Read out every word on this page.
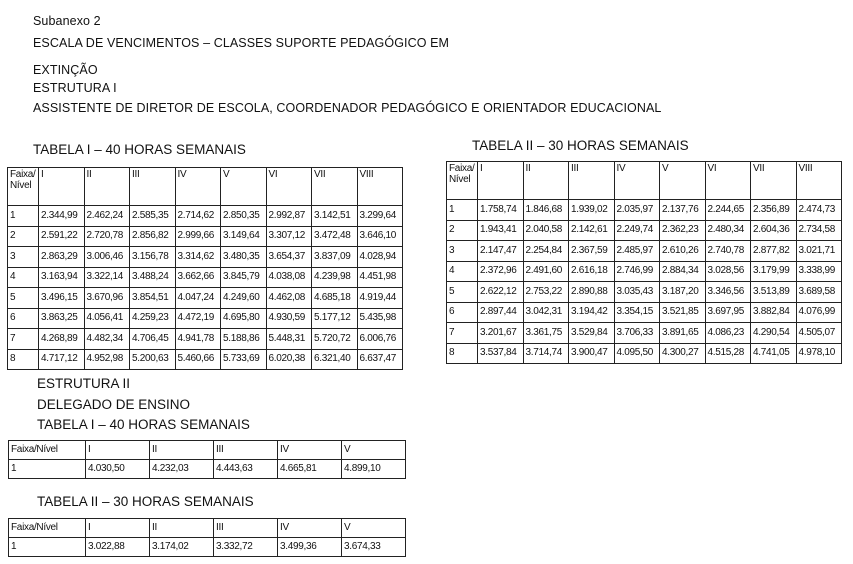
Subanexo 2
ESCALA DE VENCIMENTOS – CLASSES SUPORTE PEDAGÓGICO EM
EXTINÇÃO
ESTRUTURA I
ASSISTENTE DE DIRETOR DE ESCOLA, COORDENADOR PEDAGÓGICO E ORIENTADOR EDUCACIONAL
TABELA I – 40 HORAS SEMANAIS	TABELA II – 30 HORAS SEMANAIS
Faixa/ Nível	I	II	III	IV	V	VI	VII	VIII
1	2.344,99	2.462,24	2.585,35	2.714,62	2.850,35	2.992,87	3.142,51	3.299,64
2	2.591,22	2.720,78	2.856,82	2.999,66	3.149,64	3.307,12	3.472,48	3.646,10
3	2.863,29	3.006,46	3.156,78	3.314,62	3.480,35	3.654,37	3.837,09	4.028,94
4	3.163,94	3.322,14	3.488,24	3.662,66	3.845,79	4.038,08	4.239,98	4.451,98
5	3.496,15	3.670,96	3.854,51	4.047,24	4.249,60	4.462,08	4.685,18	4.919,44
6	3.863,25	4.056,41	4.259,23	4.472,19	4.695,80	4.930,59	5.177,12	5.435,98
7	4.268,89	4.482,34	4.706,45	4.941,78	5.188,86	5.448,31	5.720,72	6.006,76
8	4.717,12	4.952,98	5.200,63	5.460,66	5.733,69	6.020,38	6.321,40	6.637,47
Faixa/ Nível	I	II	III	IV	V	VI	VII	VIII
1	1.758,74	1.846,68	1.939,02	2.035,97	2.137,76	2.244,65	2.356,89	2.474,73
2	1.943,41	2.040,58	2.142,61	2.249,74	2.362,23	2.480,34	2.604,36	2.734,58
3	2.147,47	2.254,84	2.367,59	2.485,97	2.610,26	2.740,78	2.877,82	3.021,71
4	2.372,96	2.491,60	2.616,18	2.746,99	2.884,34	3.028,56	3.179,99	3.338,99
5	2.622,12	2.753,22	2.890,88	3.035,43	3.187,20	3.346,56	3.513,89	3.689,58
6	2.897,44	3.042,31	3.194,42	3.354,15	3.521,85	3.697,95	3.882,84	4.076,99
7	3.201,67	3.361,75	3.529,84	3.706,33	3.891,65	4.086,23	4.290,54	4.505,07
8	3.537,84	3.714,74	3.900,47	4.095,50	4.300,27	4.515,28	4.741,05	4.978,10
ESTRUTURA II
DELEGADO DE ENSINO
TABELA I – 40 HORAS SEMANAIS
Faixa/Nível	I	II	III	IV	V
1	4.030,50	4.232,03	4.443,63	4.665,81	4.899,10
TABELA II – 30 HORAS SEMANAIS
Faixa/Nível	I	II	III	IV	V
1	3.022,88	3.174,02	3.332,72	3.499,36	3.674,33
